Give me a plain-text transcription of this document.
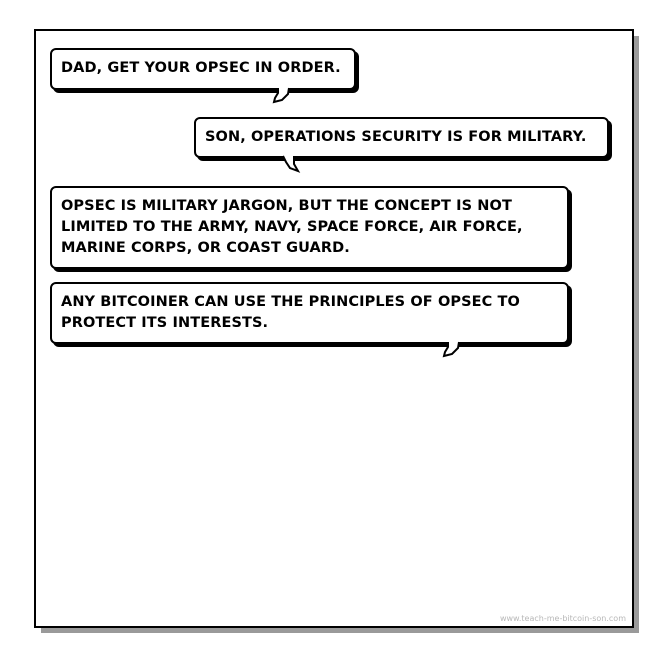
DAD, GET YOUR OPSEC IN ORDER.
SON, OPERATIONS SECURITY IS FOR MILITARY.
OPSEC IS MILITARY JARGON, BUT THE CONCEPT IS NOT LIMITED TO THE ARMY, NAVY, SPACE FORCE, AIR FORCE, MARINE CORPS, OR COAST GUARD.
ANY BITCOINER CAN USE THE PRINCIPLES OF OPSEC TO PROTECT ITS INTERESTS.
www.teach-me-bitcoin-son.com
